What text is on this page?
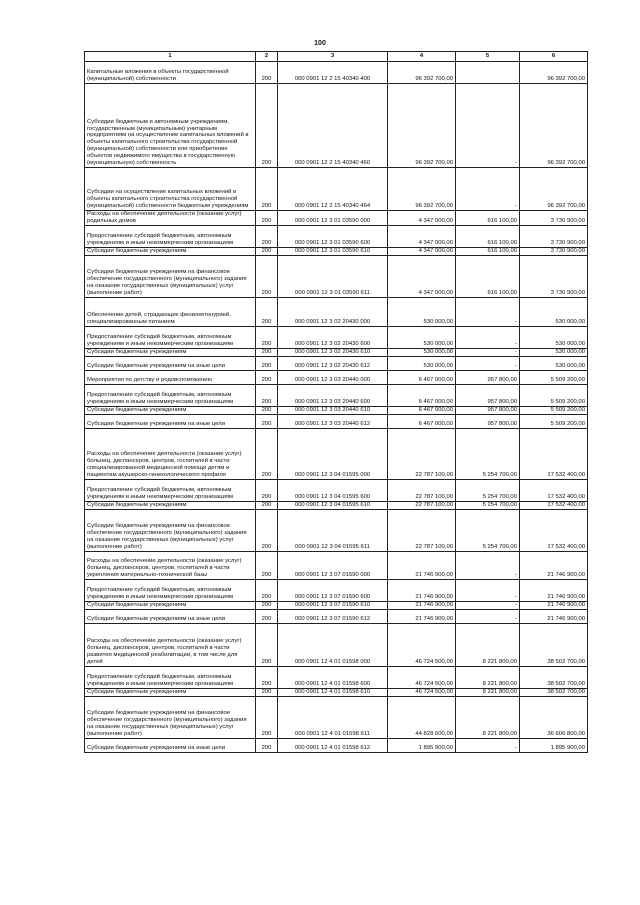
100
1	2	3	4	5	6
Капитальные вложения в объекты государственной (муниципальной) собственности	200	000 0901 12 2 15 40340 400	96 392 700,00		96 392 700,00
Субсидии бюджетным и автономным учреждениям, государственным (муниципальным) унитарным предприятиям на осуществление капитальных вложений в объекты капитального строительства государственной (муниципальной) собственности или приобретение объектов недвижимого имущества в государственную (муниципальную) собственность	200	000 0901 12 2 15 40340 460	96 392 700,00	-	96 392 700,00
Субсидии на осуществление капитальных вложений в объекты капитального строительства государственной (муниципальной) собственности бюджетным учреждениям	200	000 0901 12 2 15 40340 464	96 392 700,00	-	96 392 700,00
Расходы на обеспечение деятельности (оказание услуг) родильных домов	200	000 0901 12 3 01 03590 000	4 347 000,00	616 100,00	3 730 900,00
Предоставление субсидий бюджетным, автономным учреждениям и иным некоммерческим организациям	200	000 0901 12 3 01 03590 600	4 347 000,00	616 100,00	3 730 900,00
Субсидии бюджетным учреждениям	200	000 0901 12 3 01 03590 610	4 347 000,00	616 100,00	3 730 900,00
Субсидии бюджетным учреждениям на финансовое обеспечение государственного (муниципального) задания на оказание государственных (муниципальных) услуг (выполнение работ)	200	000 0901 12 3 01 03590 611	4 347 000,00	616 100,00	3 730 900,00
Обеспечение детей, страдающих фенилкетонурией, специализированным питанием	200	000 0901 12 3 02 20430 000	530 000,00	-	530 000,00
Предоставление субсидий бюджетным, автономным учреждениям и иным некоммерческим организациям	200	000 0901 12 3 02 20430 600	530 000,00	-	530 000,00
Субсидии бюджетным учреждениям	200	000 0901 12 3 02 20430 610	530 000,00	-	530 000,00
Субсидии бюджетным учреждениям на иные цели	200	000 0901 12 3 02 20430 612	530 000,00	-	530 000,00
Мероприятия по детству и родовспоможению	200	000 0901 12 3 03 20440 000	6 467 000,00	957 800,00	5 509 200,00
Предоставление субсидий бюджетным, автономным учреждениям и иным некоммерческим организациям	200	000 0901 12 3 03 20440 600	6 467 000,00	957 800,00	5 509 200,00
Субсидии бюджетным учреждениям	200	000 0901 12 3 03 20440 610	6 467 000,00	957 800,00	5 509 200,00
Субсидии бюджетным учреждениям на иные цели	200	000 0901 12 3 03 20440 612	6 467 000,00	957 800,00	5 509 200,00
Расходы на обеспечение деятельности (оказание услуг) больниц, диспансеров, центров, госпиталей в части специализированной медицинской помощи детям и пациентам акушерско-гинекологического профиля	200	000 0901 12 3 04 01595 000	22 787 100,00	5 254 700,00	17 532 400,00
Предоставление субсидий бюджетным, автономным учреждениям и иным некоммерческим организациям	200	000 0901 12 3 04 01595 600	22 787 100,00	5 254 700,00	17 532 400,00
Субсидии бюджетным учреждениям	200	000 0901 12 3 04 01595 610	22 787 100,00	5 254 700,00	17 532 400,00
Субсидии бюджетным учреждениям на финансовое обеспечение государственного (муниципального) задания на оказание государственных (муниципальных) услуг (выполнение работ)	200	000 0901 12 3 04 01595 611	22 787 100,00	5 254 700,00	17 532 400,00
Расходы на обеспечение деятельности (оказание услуг) больниц, диспансеров, центров, госпиталей в части укрепления материально-технической базы	200	000 0901 12 3 07 01590 000	21 746 900,00	-	21 746 900,00
Предоставление субсидий бюджетным, автономным учреждениям и иным некоммерческим организациям	200	000 0901 12 3 07 01590 600	21 746 900,00	-	21 746 900,00
Субсидии бюджетным учреждениям	200	000 0901 12 3 07 01590 610	21 746 900,00	-	21 746 900,00
Субсидии бюджетным учреждениям на иные цели	200	000 0901 12 3 07 01590 612	21 746 900,00	-	21 746 900,00
Расходы на обеспечение деятельности (оказание услуг) больниц, диспансеров, центров, госпиталей в части развития медицинской реабилитации, в том числе для детей	200	000 0901 12 4 01 01598 000	46 724 500,00	8 221 800,00	38 502 700,00
Предоставление субсидий бюджетным, автономным учреждениям и иным некоммерческим организациям	200	000 0901 12 4 01 01598 600	46 724 500,00	8 221 800,00	38 502 700,00
Субсидии бюджетным учреждениям	200	000 0901 12 4 01 01598 610	46 724 500,00	8 221 800,00	38 502 700,00
Субсидии бюджетным учреждениям на финансовое обеспечение государственного (муниципального) задания на оказание государственных (муниципальных) услуг (выполнение работ)	200	000 0901 12 4 01 01598 611	44 828 600,00	8 221 800,00	36 606 800,00
Субсидии бюджетным учреждениям на иные цели	200	000 0901 12 4 01 01598 612	1 895 900,00	-	1 895 900,00
